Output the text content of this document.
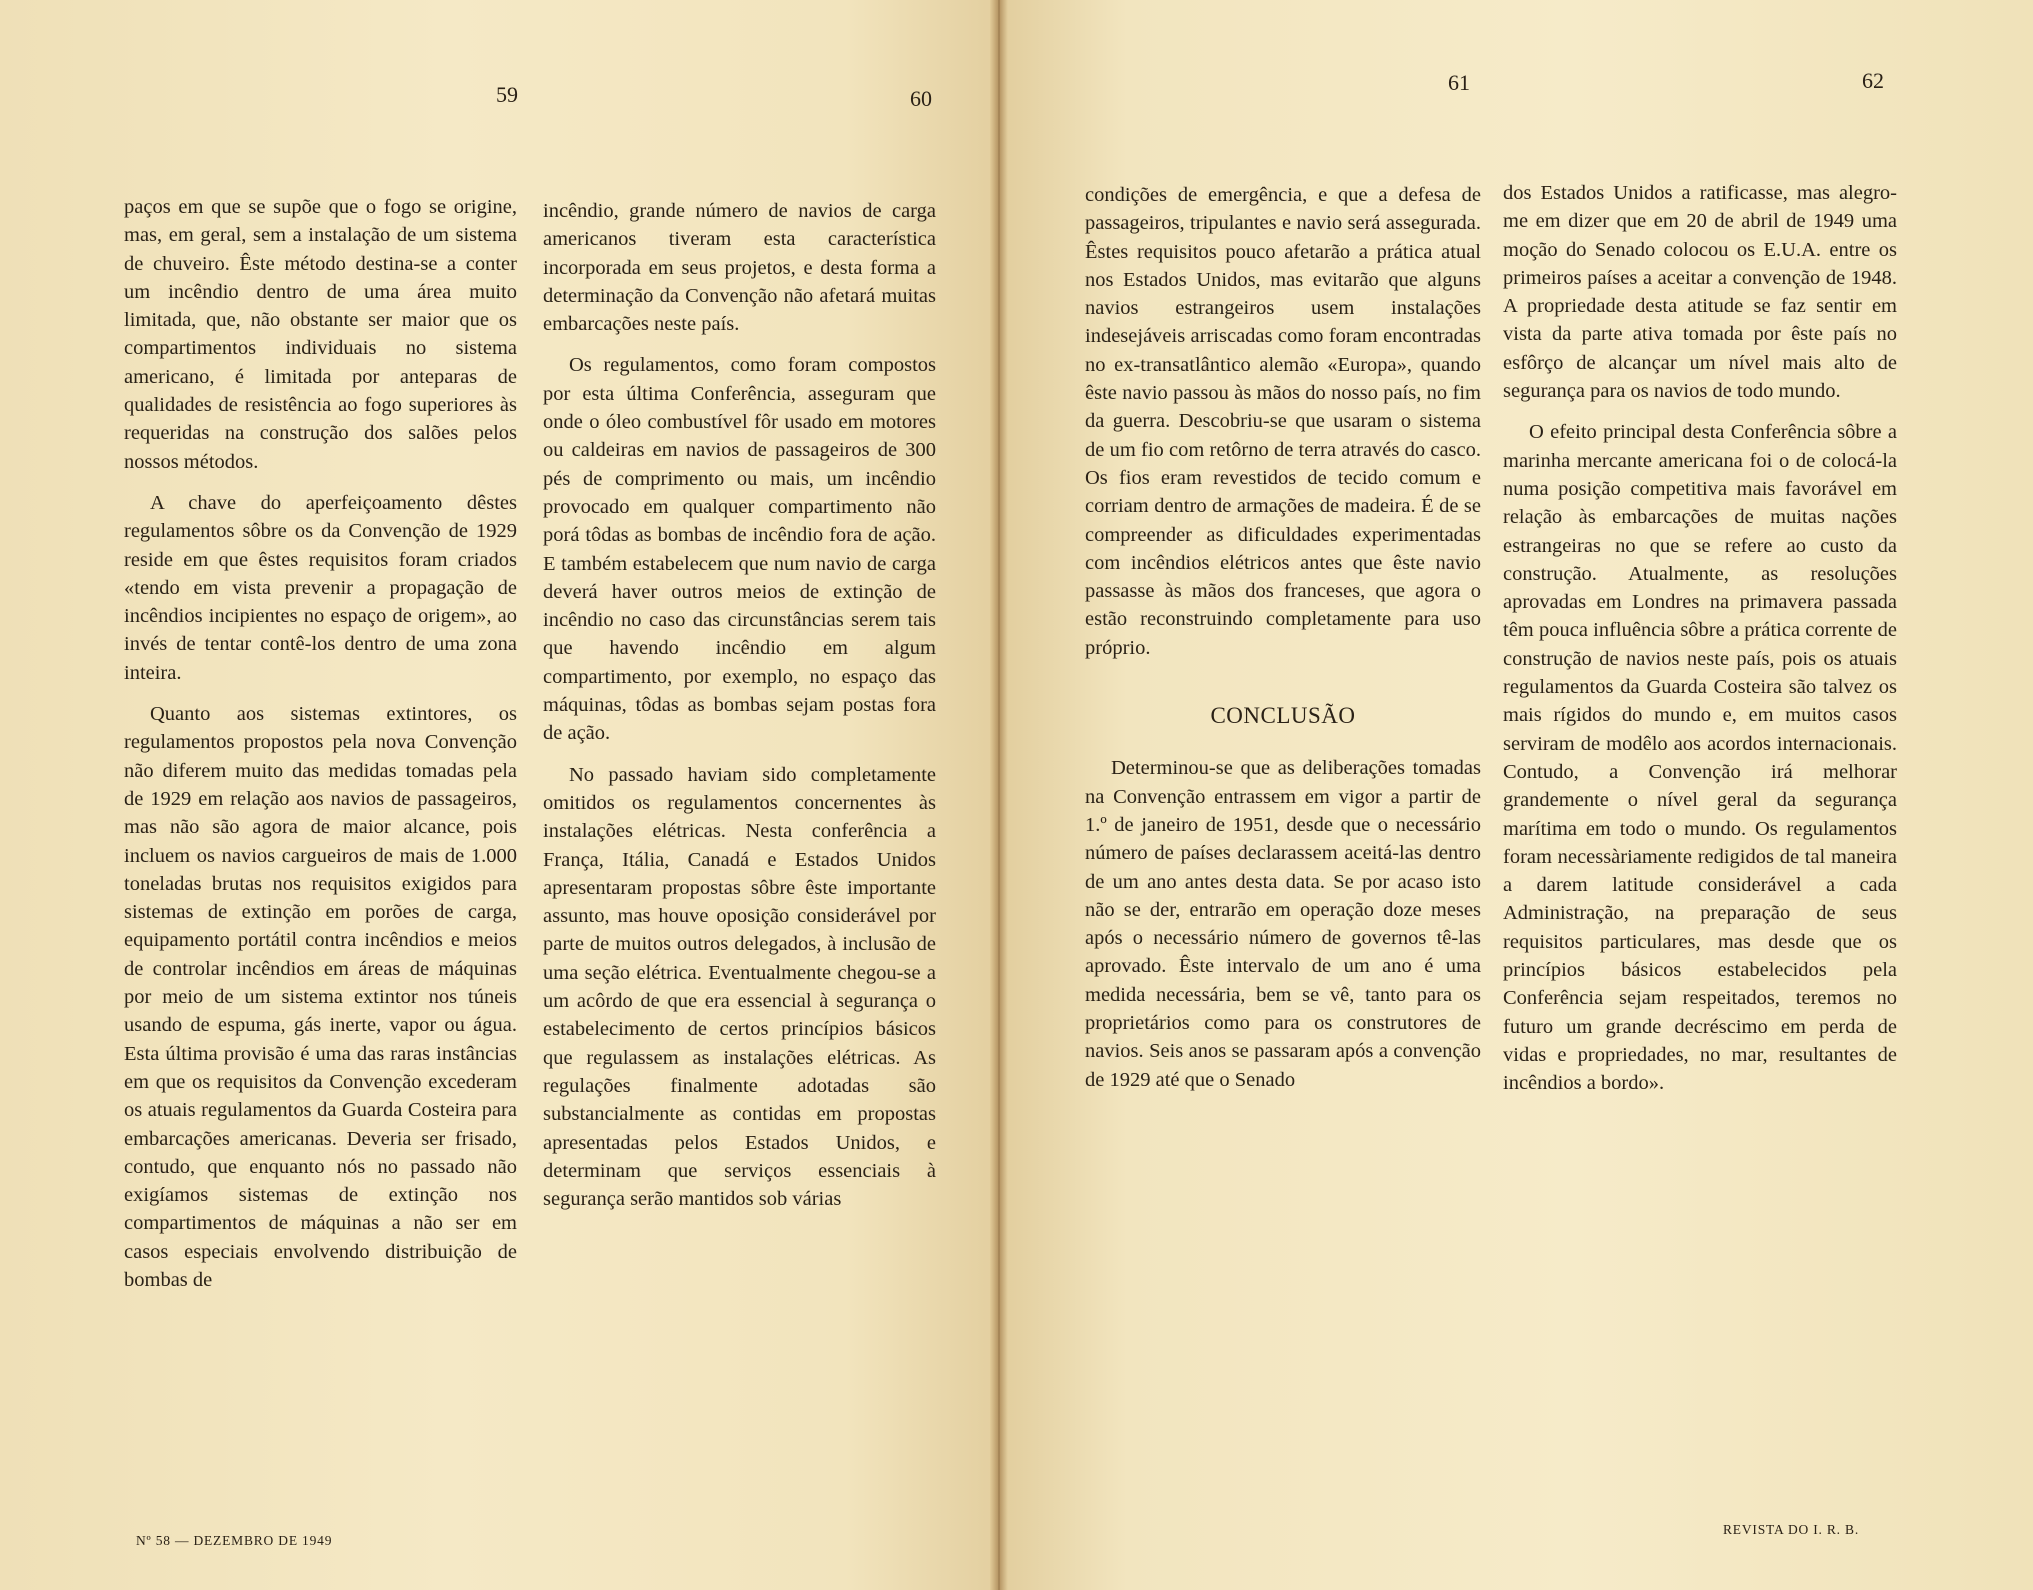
59	60
61	62

paços em que se supõe que o fogo se origine, mas, em geral, sem a instalação de um sistema de chuveiro. Êste método destina-se a conter um incêndio dentro de uma área muito limitada, que, não obstante ser maior que os compartimentos individuais no sistema americano, é limitada por anteparas de qualidades de resistência ao fogo superiores às requeridas na construção dos salões pelos nossos métodos.

A chave do aperfeiçoamento dêstes regulamentos sôbre os da Convenção de 1929 reside em que êstes requisitos foram criados «tendo em vista prevenir a propagação de incêndios incipientes no espaço de origem», ao invés de tentar contê-los dentro de uma zona inteira.

Quanto aos sistemas extintores, os regulamentos propostos pela nova Convenção não diferem muito das medidas tomadas pela de 1929 em relação aos navios de passageiros, mas não são agora de maior alcance, pois incluem os navios cargueiros de mais de 1.000 toneladas brutas nos requisitos exigidos para sistemas de extinção em porões de carga, equipamento portátil contra incêndios e meios de controlar incêndios em áreas de máquinas por meio de um sistema extintor nos túneis usando de espuma, gás inerte, vapor ou água. Esta última provisão é uma das raras instâncias em que os requisitos da Convenção excederam os atuais regulamentos da Guarda Costeira para embarcações americanas. Deveria ser frisado, contudo, que enquanto nós no passado não exigíamos sistemas de extinção nos compartimentos de máquinas a não ser em casos especiais envolvendo distribuição de bombas de

incêndio, grande número de navios de carga americanos tiveram esta característica incorporada em seus projetos, e desta forma a determinação da Convenção não afetará muitas embarcações neste país.

Os regulamentos, como foram compostos por esta última Conferência, asseguram que onde o óleo combustível fôr usado em motores ou caldeiras em navios de passageiros de 300 pés de comprimento ou mais, um incêndio provocado em qualquer compartimento não porá tôdas as bombas de incêndio fora de ação. E também estabelecem que num navio de carga deverá haver outros meios de extinção de incêndio no caso das circunstâncias serem tais que havendo incêndio em algum compartimento, por exemplo, no espaço das máquinas, tôdas as bombas sejam postas fora de ação.

No passado haviam sido completamente omitidos os regulamentos concernentes às instalações elétricas. Nesta conferência a França, Itália, Canadá e Estados Unidos apresentaram propostas sôbre êste importante assunto, mas houve oposição considerável por parte de muitos outros delegados, à inclusão de uma seção elétrica. Eventualmente chegou-se a um acôrdo de que era essencial à segurança o estabelecimento de certos princípios básicos que regulassem as instalações elétricas. As regulações finalmente adotadas são substancialmente as contidas em propostas apresentadas pelos Estados Unidos, e determinam que serviços essenciais à segurança serão mantidos sob várias

condições de emergência, e que a defesa de passageiros, tripulantes e navio será assegurada. Êstes requisitos pouco afetarão a prática atual nos Estados Unidos, mas evitarão que alguns navios estrangeiros usem instalações indesejáveis arriscadas como foram encontradas no ex-transatlântico alemão «Europa», quando êste navio passou às mãos do nosso país, no fim da guerra. Descobriu-se que usaram o sistema de um fio com retôrno de terra através do casco. Os fios eram revestidos de tecido comum e corriam dentro de armações de madeira. É de se compreender as dificuldades experimentadas com incêndios elétricos antes que êste navio passasse às mãos dos franceses, que agora o estão reconstruindo completamente para uso próprio.

CONCLUSÃO

Determinou-se que as deliberações tomadas na Convenção entrassem em vigor a partir de 1.º de janeiro de 1951, desde que o necessário número de países declarassem aceitá-las dentro de um ano antes desta data. Se por acaso isto não se der, entrarão em operação doze meses após o necessário número de governos tê-las aprovado. Êste intervalo de um ano é uma medida necessária, bem se vê, tanto para os proprietários como para os construtores de navios. Seis anos se passaram após a convenção de 1929 até que o Senado

dos Estados Unidos a ratificasse, mas alegro-me em dizer que em 20 de abril de 1949 uma moção do Senado colocou os E.U.A. entre os primeiros países a aceitar a convenção de 1948. A propriedade desta atitude se faz sentir em vista da parte ativa tomada por êste país no esfôrço de alcançar um nível mais alto de segurança para os navios de todo mundo.

O efeito principal desta Conferência sôbre a marinha mercante americana foi o de colocá-la numa posição competitiva mais favorável em relação às embarcações de muitas nações estrangeiras no que se refere ao custo da construção. Atualmente, as resoluções aprovadas em Londres na primavera passada têm pouca influência sôbre a prática corrente de construção de navios neste país, pois os atuais regulamentos da Guarda Costeira são talvez os mais rígidos do mundo e, em muitos casos serviram de modêlo aos acordos internacionais. Contudo, a Convenção irá melhorar grandemente o nível geral da segurança marítima em todo o mundo. Os regulamentos foram necessàriamente redigidos de tal maneira a darem latitude considerável a cada Administração, na preparação de seus requisitos particulares, mas desde que os princípios básicos estabelecidos pela Conferência sejam respeitados, teremos no futuro um grande decréscimo em perda de vidas e propriedades, no mar, resultantes de incêndios a bordo».

Nº 58 — DEZEMBRO DE 1949
REVISTA DO I. R. B.
